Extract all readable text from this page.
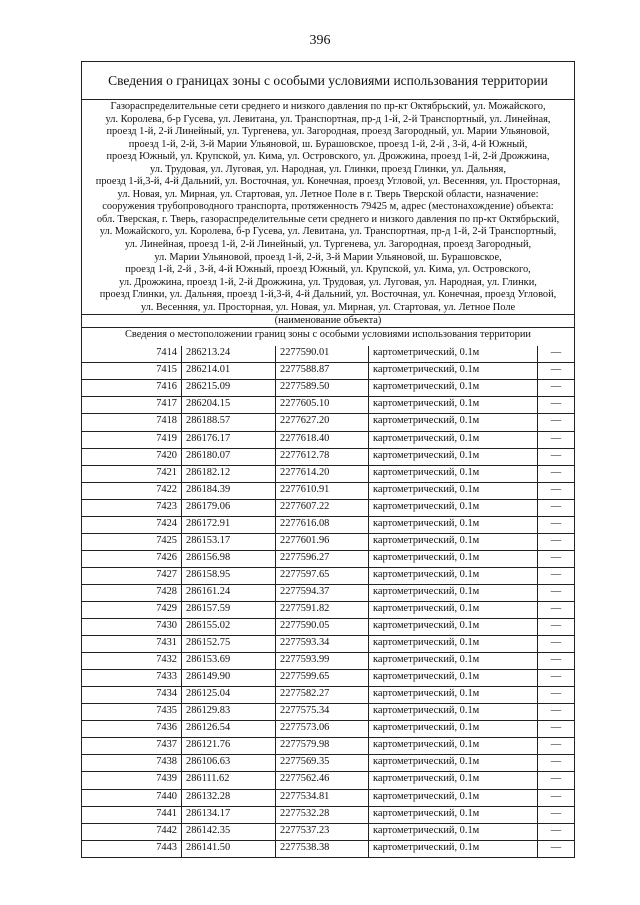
396
Сведения о границах зоны с особыми условиями использования территории
Газораспределительные сети среднего и низкого давления по пр-кт Октябрьский, ул. Можайского,
ул. Королева, б-р Гусева, ул. Левитана, ул. Транспортная, пр-д 1-й, 2-й Транспортный, ул. Линейная,
проезд 1-й, 2-й Линейный, ул. Тургенева, ул. Загородная, проезд Загородный, ул. Марии Ульяновой,
проезд 1-й, 2-й, 3-й Марии Ульяновой, ш. Бурашовское, проезд 1-й, 2-й , 3-й, 4-й Южный,
проезд Южный, ул. Крупской, ул. Кима, ул. Островского, ул. Дрожжина, проезд 1-й, 2-й Дрожжина,
ул. Трудовая, ул. Луговая, ул. Народная, ул. Глинки, проезд Глинки, ул. Дальняя,
проезд 1-й,3-й, 4-й Дальний, ул. Восточная, ул. Конечная, проезд Угловой, ул. Весенняя, ул. Просторная,
ул. Новая, ул. Мирная, ул. Стартовая, ул. Летное Поле в г. Тверь Тверской области, назначение:
сооружения трубопроводного транспорта, протяженность 79425 м, адрес (местонахождение) объекта:
обл. Тверская, г. Тверь, газораспределительные сети среднего и низкого давления по пр-кт Октябрьский,
ул. Можайского, ул. Королева, б-р Гусева, ул. Левитана, ул. Транспортная, пр-д 1-й, 2-й Транспортный,
ул. Линейная, проезд 1-й, 2-й Линейный, ул. Тургенева, ул. Загородная, проезд Загородный,
ул. Марии Ульяновой, проезд 1-й, 2-й, 3-й Марии Ульяновой, ш. Бурашовское,
проезд 1-й, 2-й , 3-й, 4-й Южный, проезд Южный, ул. Крупской, ул. Кима, ул. Островского,
ул. Дрожжина, проезд 1-й, 2-й Дрожжина, ул. Трудовая, ул. Луговая, ул. Народная, ул. Глинки,
проезд Глинки, ул. Дальняя, проезд 1-й,3-й, 4-й Дальний, ул. Восточная, ул. Конечная, проезд Угловой,
ул. Весенняя, ул. Просторная, ул. Новая, ул. Мирная, ул. Стартовая, ул. Летное Поле
(наименование объекта)
Сведения о местоположении границ зоны с особыми условиями использования территории
7414	286213.24	2277590.01	картометрический, 0.1м	—
7415	286214.01	2277588.87	картометрический, 0.1м	—
7416	286215.09	2277589.50	картометрический, 0.1м	—
7417	286204.15	2277605.10	картометрический, 0.1м	—
7418	286188.57	2277627.20	картометрический, 0.1м	—
7419	286176.17	2277618.40	картометрический, 0.1м	—
7420	286180.07	2277612.78	картометрический, 0.1м	—
7421	286182.12	2277614.20	картометрический, 0.1м	—
7422	286184.39	2277610.91	картометрический, 0.1м	—
7423	286179.06	2277607.22	картометрический, 0.1м	—
7424	286172.91	2277616.08	картометрический, 0.1м	—
7425	286153.17	2277601.96	картометрический, 0.1м	—
7426	286156.98	2277596.27	картометрический, 0.1м	—
7427	286158.95	2277597.65	картометрический, 0.1м	—
7428	286161.24	2277594.37	картометрический, 0.1м	—
7429	286157.59	2277591.82	картометрический, 0.1м	—
7430	286155.02	2277590.05	картометрический, 0.1м	—
7431	286152.75	2277593.34	картометрический, 0.1м	—
7432	286153.69	2277593.99	картометрический, 0.1м	—
7433	286149.90	2277599.65	картометрический, 0.1м	—
7434	286125.04	2277582.27	картометрический, 0.1м	—
7435	286129.83	2277575.34	картометрический, 0.1м	—
7436	286126.54	2277573.06	картометрический, 0.1м	—
7437	286121.76	2277579.98	картометрический, 0.1м	—
7438	286106.63	2277569.35	картометрический, 0.1м	—
7439	286111.62	2277562.46	картометрический, 0.1м	—
7440	286132.28	2277534.81	картометрический, 0.1м	—
7441	286134.17	2277532.28	картометрический, 0.1м	—
7442	286142.35	2277537.23	картометрический, 0.1м	—
7443	286141.50	2277538.38	картометрический, 0.1м	—
